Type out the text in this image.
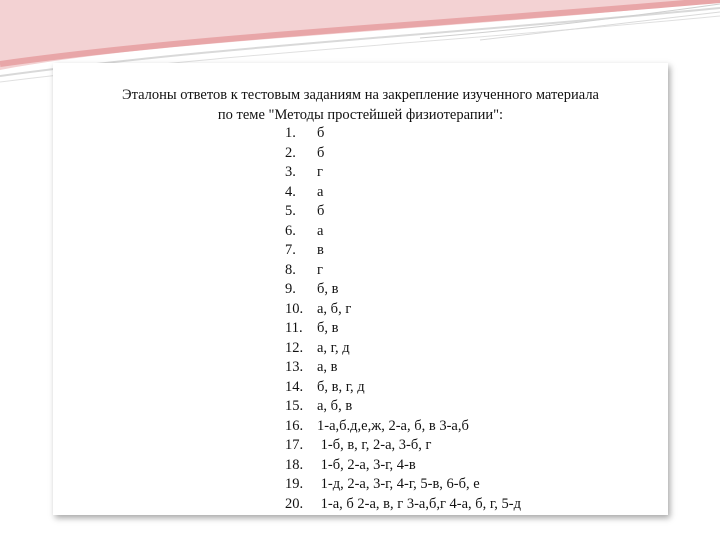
Эталоны ответов к тестовым заданиям на закрепление изученного материала
по теме "Методы простейшей физиотерапии":
1. б
2. б
3. г
4. а
5. б
6. а
7. в
8. г
9. б, в
10. а, б, г
11. б, в
12. а, г, д
13. а, в
14. б, в, г, д
15. а, б, в
16. 1-а,б.д,е,ж, 2-а, б, в 3-а,б
17. 1-б, в, г, 2-а, 3-б, г
18. 1-б, 2-а, 3-г, 4-в
19. 1-д, 2-а, 3-г, 4-г, 5-в, 6-б, е
20. 1-а, б 2-а, в, г 3-а,б,г 4-а, б, г, 5-д
